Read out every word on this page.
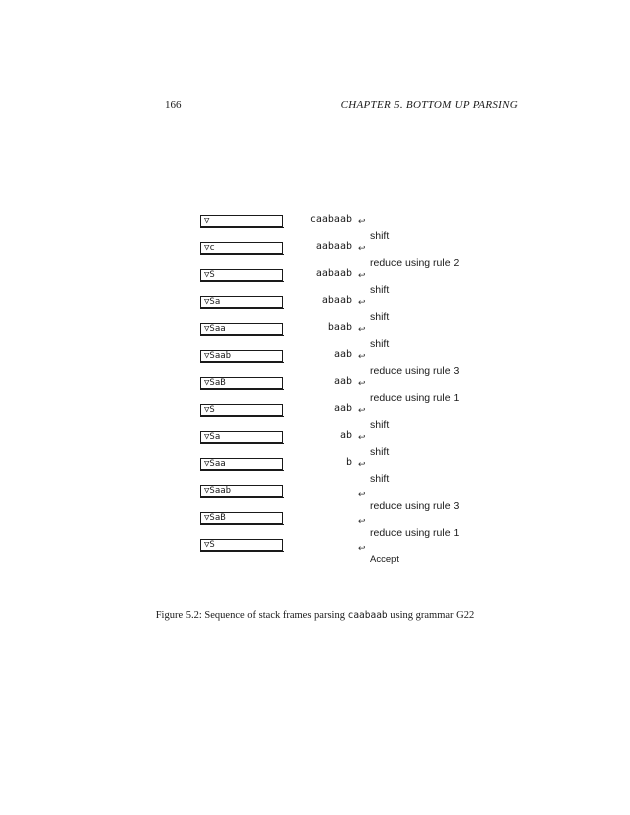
166	CHAPTER 5. BOTTOM UP PARSING
▽	caabaab ↩
shift
▽c	aabaab ↩
reduce using rule 2
▽S	aabaab ↩
shift
▽Sa	abaab ↩
shift
▽Saa	baab ↩
shift
▽Saab	aab ↩
reduce using rule 3
▽SaB	aab ↩
reduce using rule 1
▽S	aab ↩
shift
▽Sa	ab ↩
shift
▽Saa	b ↩
shift
▽Saab	↩
reduce using rule 3
▽SaB	↩
reduce using rule 1
▽S	↩
Accept
Figure 5.2: Sequence of stack frames parsing caabaab using grammar G22
